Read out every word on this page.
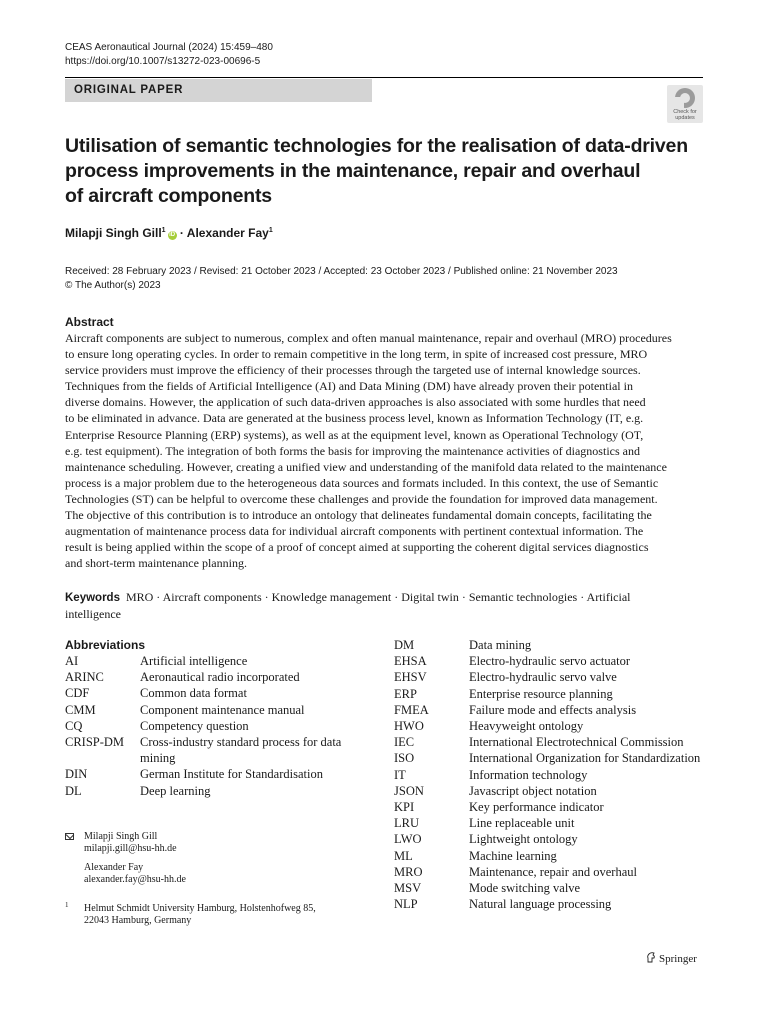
CEAS Aeronautical Journal (2024) 15:459–480
https://doi.org/10.1007/s13272-023-00696-5
ORIGINAL PAPER
Check for
updates
Utilisation of semantic technologies for the realisation of data-driven
process improvements in the maintenance, repair and overhaul
of aircraft components
Milapji Singh Gill$^1$iD · Alexander Fay$^1$
Received: 28 February 2023 / Revised: 21 October 2023 / Accepted: 23 October 2023 / Published online: 21 November 2023
© The Author(s) 2023
Abstract
Aircraft components are subject to numerous, complex and often manual maintenance, repair and overhaul (MRO) procedures
to ensure long operating cycles. In order to remain competitive in the long term, in spite of increased cost pressure, MRO
service providers must improve the efficiency of their processes through the targeted use of internal knowledge sources.
Techniques from the fields of Artificial Intelligence (AI) and Data Mining (DM) have already proven their potential in
diverse domains. However, the application of such data-driven approaches is also associated with some hurdles that need
to be eliminated in advance. Data are generated at the business process level, known as Information Technology (IT, e.g.
Enterprise Resource Planning (ERP) systems), as well as at the equipment level, known as Operational Technology (OT,
e.g. test equipment). The integration of both forms the basis for improving the maintenance activities of diagnostics and
maintenance scheduling. However, creating a unified view and understanding of the manifold data related to the maintenance
process is a major problem due to the heterogeneous data sources and formats included. In this context, the use of Semantic
Technologies (ST) can be helpful to overcome these challenges and provide the foundation for improved data management.
The objective of this contribution is to introduce an ontology that delineates fundamental domain concepts, facilitating the
augmentation of maintenance process data for individual aircraft components with pertinent contextual information. The
result is being applied within the scope of a proof of concept aimed at supporting the coherent digital services diagnostics
and short-term maintenance planning.
Keywords MRO · Aircraft components · Knowledge management · Digital twin · Semantic technologies · Artificial
intelligence
Abbreviations
AI	Artificial intelligence
ARINC	Aeronautical radio incorporated
CDF	Common data format
CMM	Component maintenance manual
CQ	Competency question
CRISP-DM	Cross-industry standard process for data mining
DIN	German Institute for Standardisation
DL	Deep learning
DM	Data mining
EHSA	Electro-hydraulic servo actuator
EHSV	Electro-hydraulic servo valve
ERP	Enterprise resource planning
FMEA	Failure mode and effects analysis
HWO	Heavyweight ontology
IEC	International Electrotechnical Commission
ISO	International Organization for Standardization
IT	Information technology
JSON	Javascript object notation
KPI	Key performance indicator
LRU	Line replaceable unit
LWO	Lightweight ontology
ML	Machine learning
MRO	Maintenance, repair and overhaul
MSV	Mode switching valve
NLP	Natural language processing
Milapji Singh Gill
milapji.gill@hsu-hh.de
Alexander Fay
alexander.fay@hsu-hh.de
1 Helmut Schmidt University Hamburg, Holstenhofweg 85,
22043 Hamburg, Germany
Springer
